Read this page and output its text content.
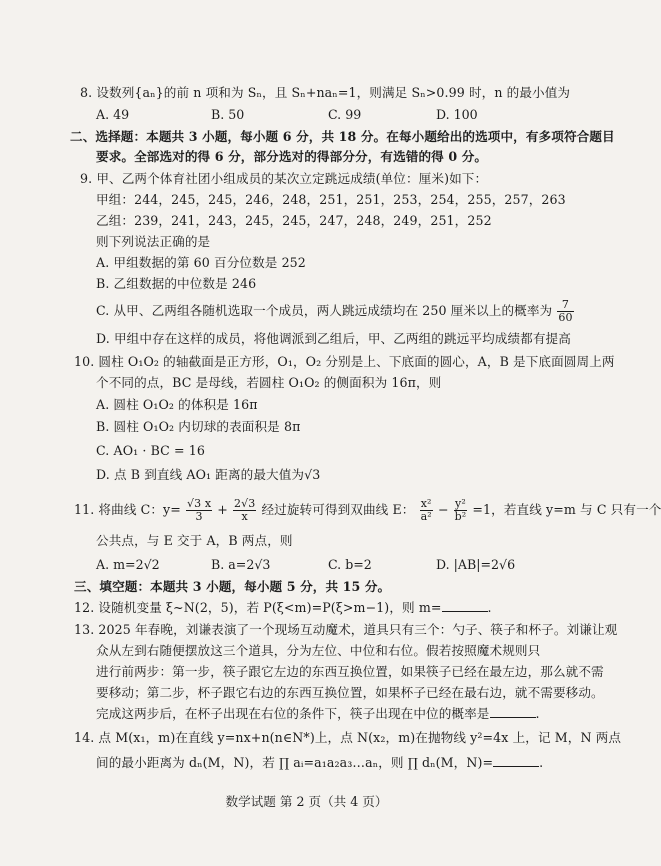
8. 设数列{aₙ}的前 n 项和为 Sₙ，且 Sₙ+naₙ=1，则满足 Sₙ>0.99 时，n 的最小值为
A. 49	B. 50	C. 99	D. 100
二、选择题：本题共 3 小题，每小题 6 分，共 18 分。在每小题给出的选项中，有多项符合题目
要求。全部选对的得 6 分，部分选对的得部分分，有选错的得 0 分。
9. 甲、乙两个体育社团小组成员的某次立定跳远成绩(单位：厘米)如下：
甲组：244，245，245，246，248，251，251，253，254，255，257，263
乙组：239，241，243，245，245，247，248，249，251，252
则下列说法正确的是
A. 甲组数据的第 60 百分位数是 252
B. 乙组数据的中位数是 246
C. 从甲、乙两组各随机选取一个成员，两人跳远成绩均在 250 厘米以上的概率为 $\frac{7}{60}$
D. 甲组中存在这样的成员，将他调派到乙组后，甲、乙两组的跳远平均成绩都有提高
10. 圆柱 O₁O₂ 的轴截面是正方形，O₁，O₂ 分别是上、下底面的圆心，A，B 是下底面圆周上两
个不同的点，BC 是母线，若圆柱 O₁O₂ 的侧面积为 16π，则
A. 圆柱 O₁O₂ 的体积是 16π
B. 圆柱 O₁O₂ 内切球的表面积是 8π
C. AO₁ · BC = 16
D. 点 B 到直线 AO₁ 距离的最大值为√3
11. 将曲线 C：$y= \frac{√3 x}{3} + \frac{2√3}{x}$ 经过旋转可得到双曲线 E： $\frac{\text{x²}}{\text{a²}} - \frac{\text{y²}}{\text{b²}} =1$，若直线 y=m 与 C 只有一个
公共点，与 E 交于 A，B 两点，则
A. m=2√2	B. a=2√3	C. b=2	D. |AB|=2√6
三、填空题：本题共 3 小题，每小题 5 分，共 15 分。
12. 设随机变量 ξ~N(2，5)，若 P(ξ<m)=P(ξ>m−1)，则 m=	.
13. 2025 年春晚，刘谦表演了一个现场互动魔术，道具只有三个：勺子、筷子和杯子。刘谦让观
众从左到右随便摆放这三个道具，分为左位、中位和右位。假若按照魔术规则只
进行前两步：第一步，筷子跟它左边的东西互换位置，如果筷子已经在最左边，那么就不需
要移动；第二步，杯子跟它右边的东西互换位置，如果杯子已经在最右边，就不需要移动。
完成这两步后，在杯子出现在右位的条件下，筷子出现在中位的概率是	.
14. 点 M(x₁，m)在直线 y=nx+n(n∈N*)上，点 N(x₂，m)在抛物线 y²=4x 上，记 M，N 两点
间的最小距离为 dₙ(M，N)，若 ∏ aᵢ=a₁a₂a₃…aₙ，则 ∏ dₙ(M，N)=	.
数学试题 第 2 页（共 4 页）
